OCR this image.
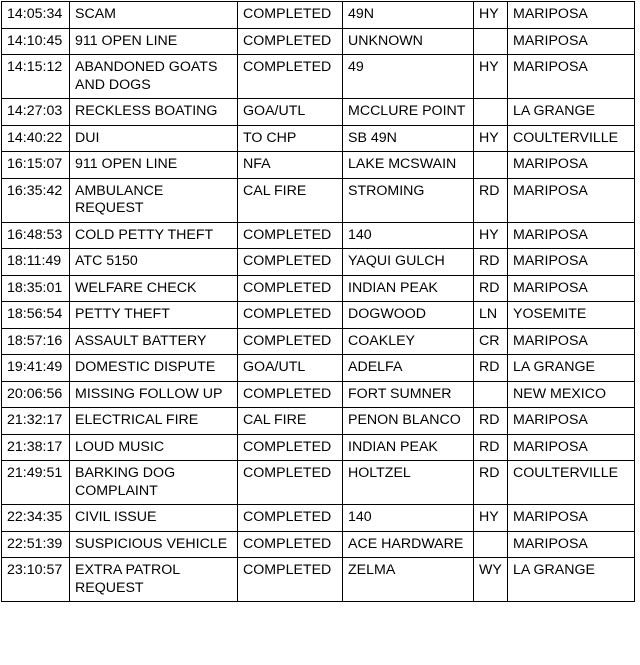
14:05:34	SCAM	COMPLETED	49N	HY	MARIPOSA
14:10:45	911 OPEN LINE	COMPLETED	UNKNOWN		MARIPOSA
14:15:12	ABANDONED GOATS AND DOGS	COMPLETED	49	HY	MARIPOSA
14:27:03	RECKLESS BOATING	GOA/UTL	MCCLURE POINT		LA GRANGE
14:40:22	DUI	TO CHP	SB 49N	HY	COULTERVILLE
16:15:07	911 OPEN LINE	NFA	LAKE MCSWAIN		MARIPOSA
16:35:42	AMBULANCE REQUEST	CAL FIRE	STROMING	RD	MARIPOSA
16:48:53	COLD PETTY THEFT	COMPLETED	140	HY	MARIPOSA
18:11:49	ATC 5150	COMPLETED	YAQUI GULCH	RD	MARIPOSA
18:35:01	WELFARE CHECK	COMPLETED	INDIAN PEAK	RD	MARIPOSA
18:56:54	PETTY THEFT	COMPLETED	DOGWOOD	LN	YOSEMITE
18:57:16	ASSAULT BATTERY	COMPLETED	COAKLEY	CR	MARIPOSA
19:41:49	DOMESTIC DISPUTE	GOA/UTL	ADELFA	RD	LA GRANGE
20:06:56	MISSING FOLLOW UP	COMPLETED	FORT SUMNER		NEW MEXICO
21:32:17	ELECTRICAL FIRE	CAL FIRE	PENON BLANCO	RD	MARIPOSA
21:38:17	LOUD MUSIC	COMPLETED	INDIAN PEAK	RD	MARIPOSA
21:49:51	BARKING DOG COMPLAINT	COMPLETED	HOLTZEL	RD	COULTERVILLE
22:34:35	CIVIL ISSUE	COMPLETED	140	HY	MARIPOSA
22:51:39	SUSPICIOUS VEHICLE	COMPLETED	ACE HARDWARE		MARIPOSA
23:10:57	EXTRA PATROL REQUEST	COMPLETED	ZELMA	WY	LA GRANGE
